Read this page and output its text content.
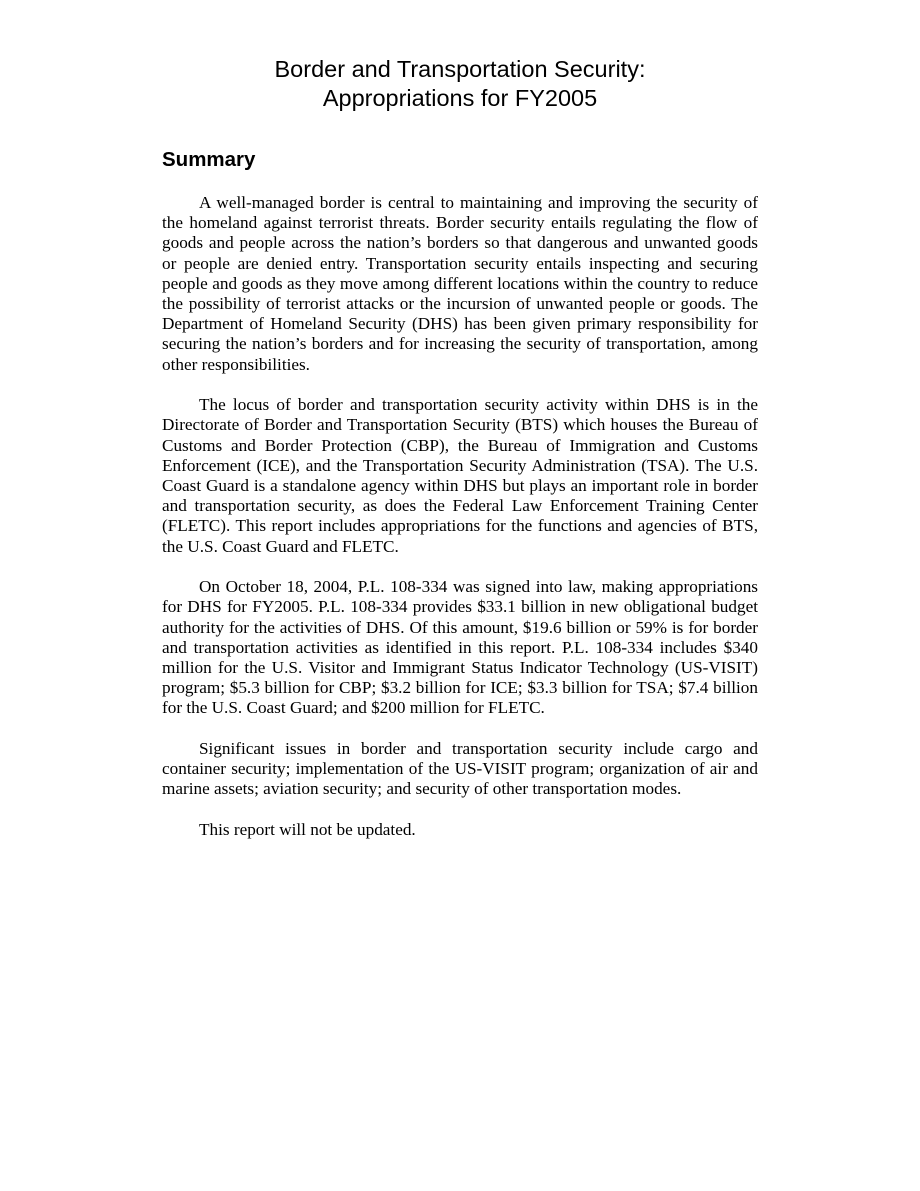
Border and Transportation Security:
Appropriations for FY2005
Summary

A well-managed border is central to maintaining and improving the security of the homeland against terrorist threats. Border security entails regulating the flow of goods and people across the nation’s borders so that dangerous and unwanted goods or people are denied entry. Transportation security entails inspecting and securing people and goods as they move among different locations within the country to reduce the possibility of terrorist attacks or the incursion of unwanted people or goods. The Department of Homeland Security (DHS) has been given primary responsibility for securing the nation’s borders and for increasing the security of transportation, among other responsibilities.

The locus of border and transportation security activity within DHS is in the Directorate of Border and Transportation Security (BTS) which houses the Bureau of Customs and Border Protection (CBP), the Bureau of Immigration and Customs Enforcement (ICE), and the Transportation Security Administration (TSA). The U.S. Coast Guard is a standalone agency within DHS but plays an important role in border and transportation security, as does the Federal Law Enforcement Training Center (FLETC). This report includes appropriations for the functions and agencies of BTS, the U.S. Coast Guard and FLETC.

On October 18, 2004, P.L. 108-334 was signed into law, making appropriations for DHS for FY2005. P.L. 108-334 provides $33.1 billion in new obligational budget authority for the activities of DHS. Of this amount, $19.6 billion or 59% is for border and transportation activities as identified in this report. P.L. 108-334 includes $340 million for the U.S. Visitor and Immigrant Status Indicator Technology (US-VISIT) program; $5.3 billion for CBP; $3.2 billion for ICE; $3.3 billion for TSA; $7.4 billion for the U.S. Coast Guard; and $200 million for FLETC.

Significant issues in border and transportation security include cargo and container security; implementation of the US-VISIT program; organization of air and marine assets; aviation security; and security of other transportation modes.

This report will not be updated.
